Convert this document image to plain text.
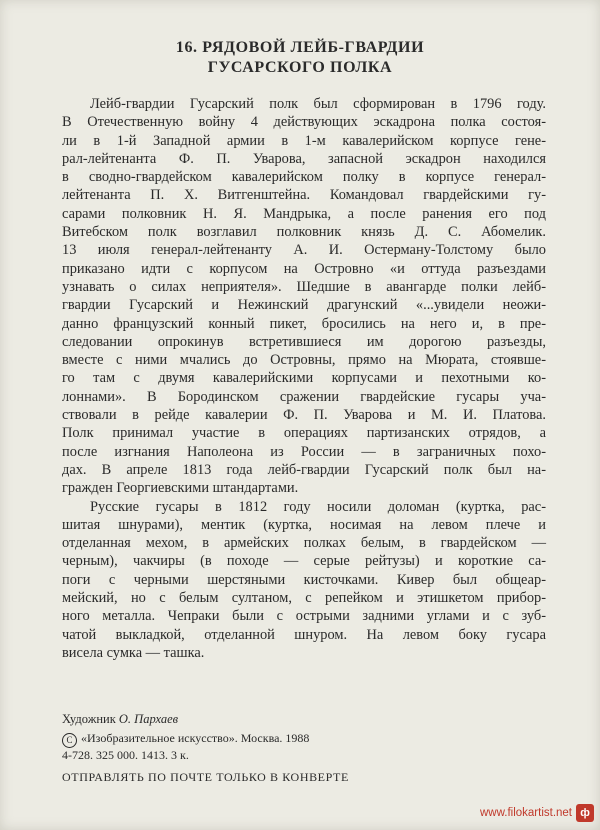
16. РЯДОВОЙ ЛЕЙБ-ГВАРДИИ
ГУСАРСКОГО ПОЛКА
Лейб-гвардии Гусарский полк был сформирован в 1796 году.
В Отечественную войну 4 действующих эскадрона полка состоя-
ли в 1-й Западной армии в 1-м кавалерийском корпусе генe-
рал-лейтенанта Ф. П. Уварова, запасной эскадрон находился
в сводно-гвардейском кавалерийском полку в корпусе генерал-
лейтенанта П. Х. Витгенштейна. Командовал гвардейскими гу-
сарами полковник Н. Я. Мандрыка, а после ранения его под
Витебском полк возглавил полковник князь Д. С. Абомелик.
13 июля генерал-лейтенанту А. И. Остерману-Толстому было
приказано идти с корпусом на Островно «и оттуда разъездами
узнавать о силах неприятеля». Шедшие в авангарде полки лейб-
гвардии Гусарский и Нежинский драгунский «...увидели неожи-
данно французский конный пикет, бросились на него и, в пре-
следовании опрокинув встретившиеся им дорогою разъезды,
вместе с ними мчались до Островны, прямо на Мюрата, стоявше-
го там с двумя кавалерийскими корпусами и пехотными ко-
лоннами». В Бородинском сражении гвардейские гусары уча-
ствовали в рейде кавалерии Ф. П. Уварова и М. И. Платова.
Полк принимал участие в операциях партизанских отрядов, а
после изгнания Наполеона из России — в заграничных похо-
дах. В апреле 1813 года лейб-гвардии Гусарский полк был на-
гражден Георгиевскими штандартами.
Русские гусары в 1812 году носили доломан (куртка, рас-
шитая шнурами), ментик (куртка, носимая на левом плече и
отделанная мехом, в армейских полках белым, в гвардейском —
черным), чакчиры (в походе — серые рейтузы) и короткие са-
поги с черными шерстяными кисточками. Кивер был общеар-
мейский, но с белым султаном, с репейком и этишкетом прибор-
ного металла. Чепраки были с острыми задними углами и с зуб-
чатой выкладкой, отделанной шнуром. На левом боку гусара
висела сумка — ташка.
Художник О. Пархаев
C «Изобразительное искусство». Москва. 1988
4-728. 325 000. 1413. 3 к.
ОТПРАВЛЯТЬ ПО ПОЧТЕ ТОЛЬКО В КОНВЕРТЕ
www.filokartist.net ф
